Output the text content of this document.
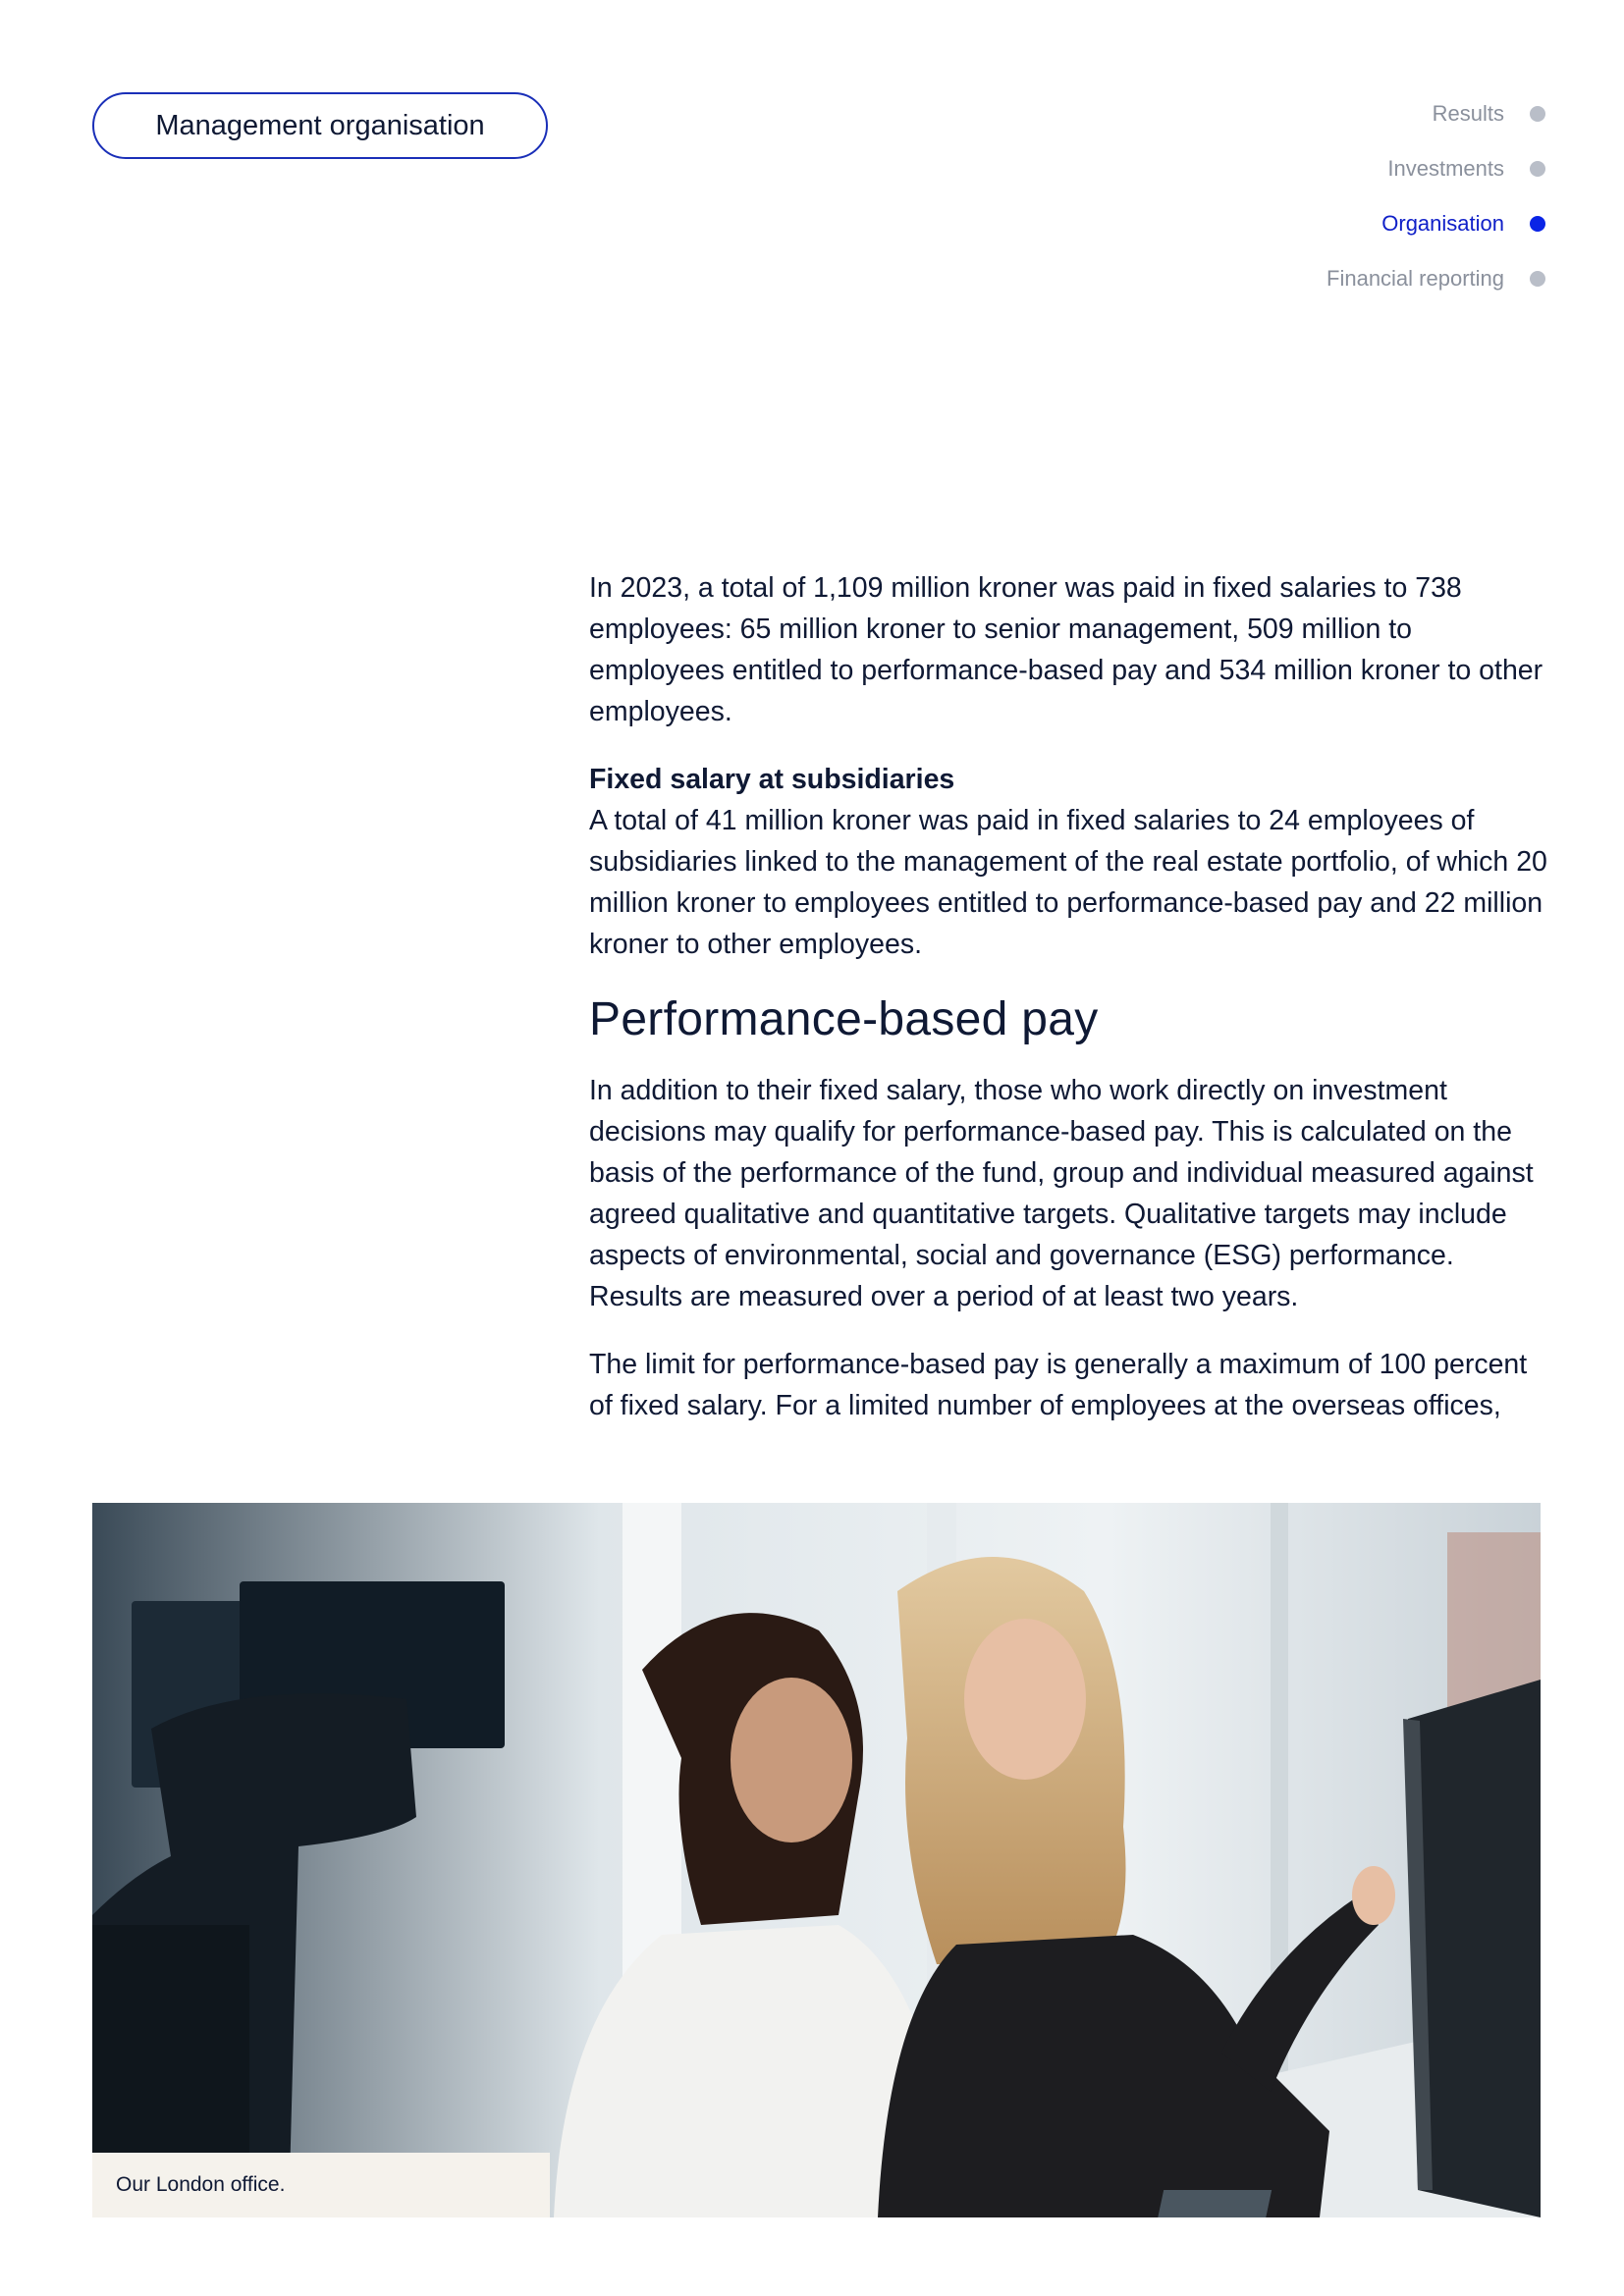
Management organisation	Results
Investments
Organisation
Financial reporting

In 2023, a total of 1,109 million kroner was paid in fixed salaries to 738 employees: 65 million kroner to senior management, 509 million to employees entitled to performance-based pay and 534 million kroner to other employees.

Fixed salary at subsidiaries
A total of 41 million kroner was paid in fixed salaries to 24 employees of subsidiaries linked to the management of the real estate portfolio, of which 20 million kroner to employees entitled to performance-based pay and 22 million kroner to other employees.

Performance-based pay

In addition to their fixed salary, those who work directly on investment decisions may qualify for performance-based pay. This is calculated on the basis of the performance of the fund, group and individual measured against agreed qualitative and quantitative targets. Qualitative targets may include aspects of environmental, social and governance (ESG) performance. Results are measured over a period of at least two years.

The limit for performance-based pay is generally a maximum of 100 percent of fixed salary. For a limited number of employees at the overseas offices,

Our London office.
